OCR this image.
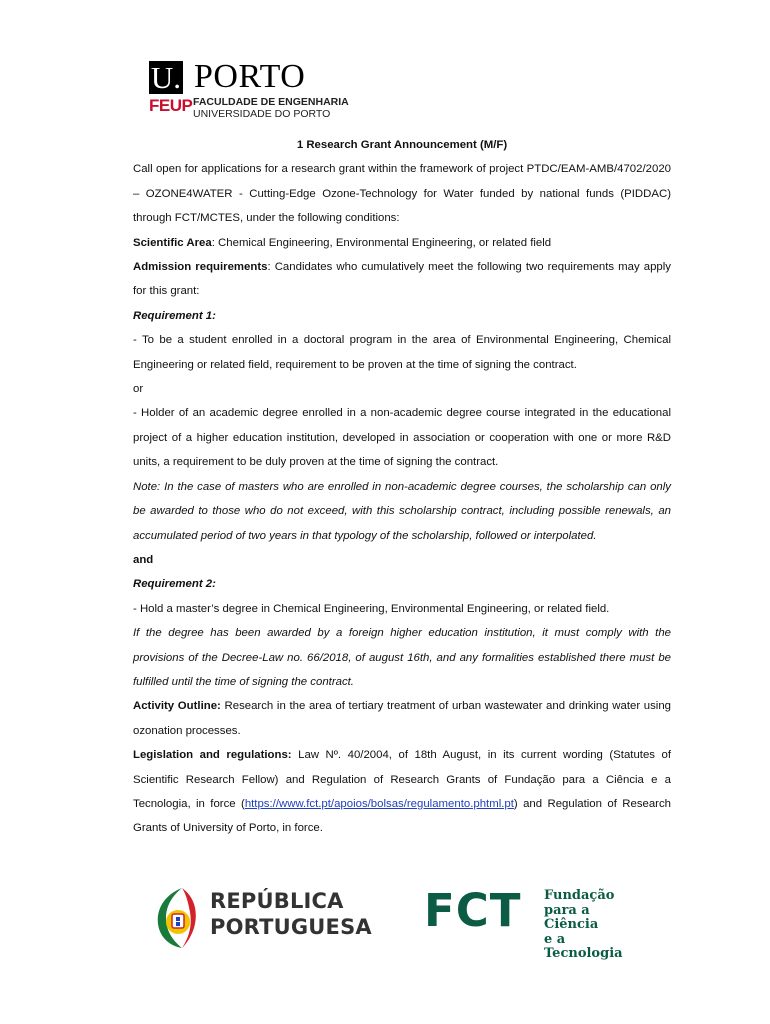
U. PORTO
FEUP FACULDADE DE ENGENHARIA
UNIVERSIDADE DO PORTO
1 Research Grant Announcement (M/F)

Call open for applications for a research grant within the framework of project PTDC/EAM-AMB/4702/2020 – OZONE4WATER - Cutting-Edge Ozone-Technology for Water funded by national funds (PIDDAC) through FCT/MCTES, under the following conditions:

Scientific Area: Chemical Engineering, Environmental Engineering, or related field

Admission requirements: Candidates who cumulatively meet the following two requirements may apply for this grant:

Requirement 1:

- To be a student enrolled in a doctoral program in the area of Environmental Engineering, Chemical Engineering or related field, requirement to be proven at the time of signing the contract.

or

- Holder of an academic degree enrolled in a non-academic degree course integrated in the educational project of a higher education institution, developed in association or cooperation with one or more R&D units, a requirement to be duly proven at the time of signing the contract.

Note: In the case of masters who are enrolled in non-academic degree courses, the scholarship can only be awarded to those who do not exceed, with this scholarship contract, including possible renewals, an accumulated period of two years in that typology of the scholarship, followed or interpolated.

and

Requirement 2:

- Hold a master’s degree in Chemical Engineering, Environmental Engineering, or related field.

If the degree has been awarded by a foreign higher education institution, it must comply with the provisions of the Decree-Law no. 66/2018, of august 16th, and any formalities established there must be fulfilled until the time of signing the contract.

Activity Outline: Research in the area of tertiary treatment of urban wastewater and drinking water using ozonation processes.

Legislation and regulations: Law Nº. 40/2004, of 18th August, in its current wording (Statutes of Scientific Research Fellow) and Regulation of Research Grants of Fundação para a Ciência e a Tecnologia, in force (https://www.fct.pt/apoios/bolsas/regulamento.phtml.pt) and Regulation of Research Grants of University of Porto, in force.

REPÚBLICA
PORTUGUESA FCT Fundação
para a Ciência
e a Tecnologia
